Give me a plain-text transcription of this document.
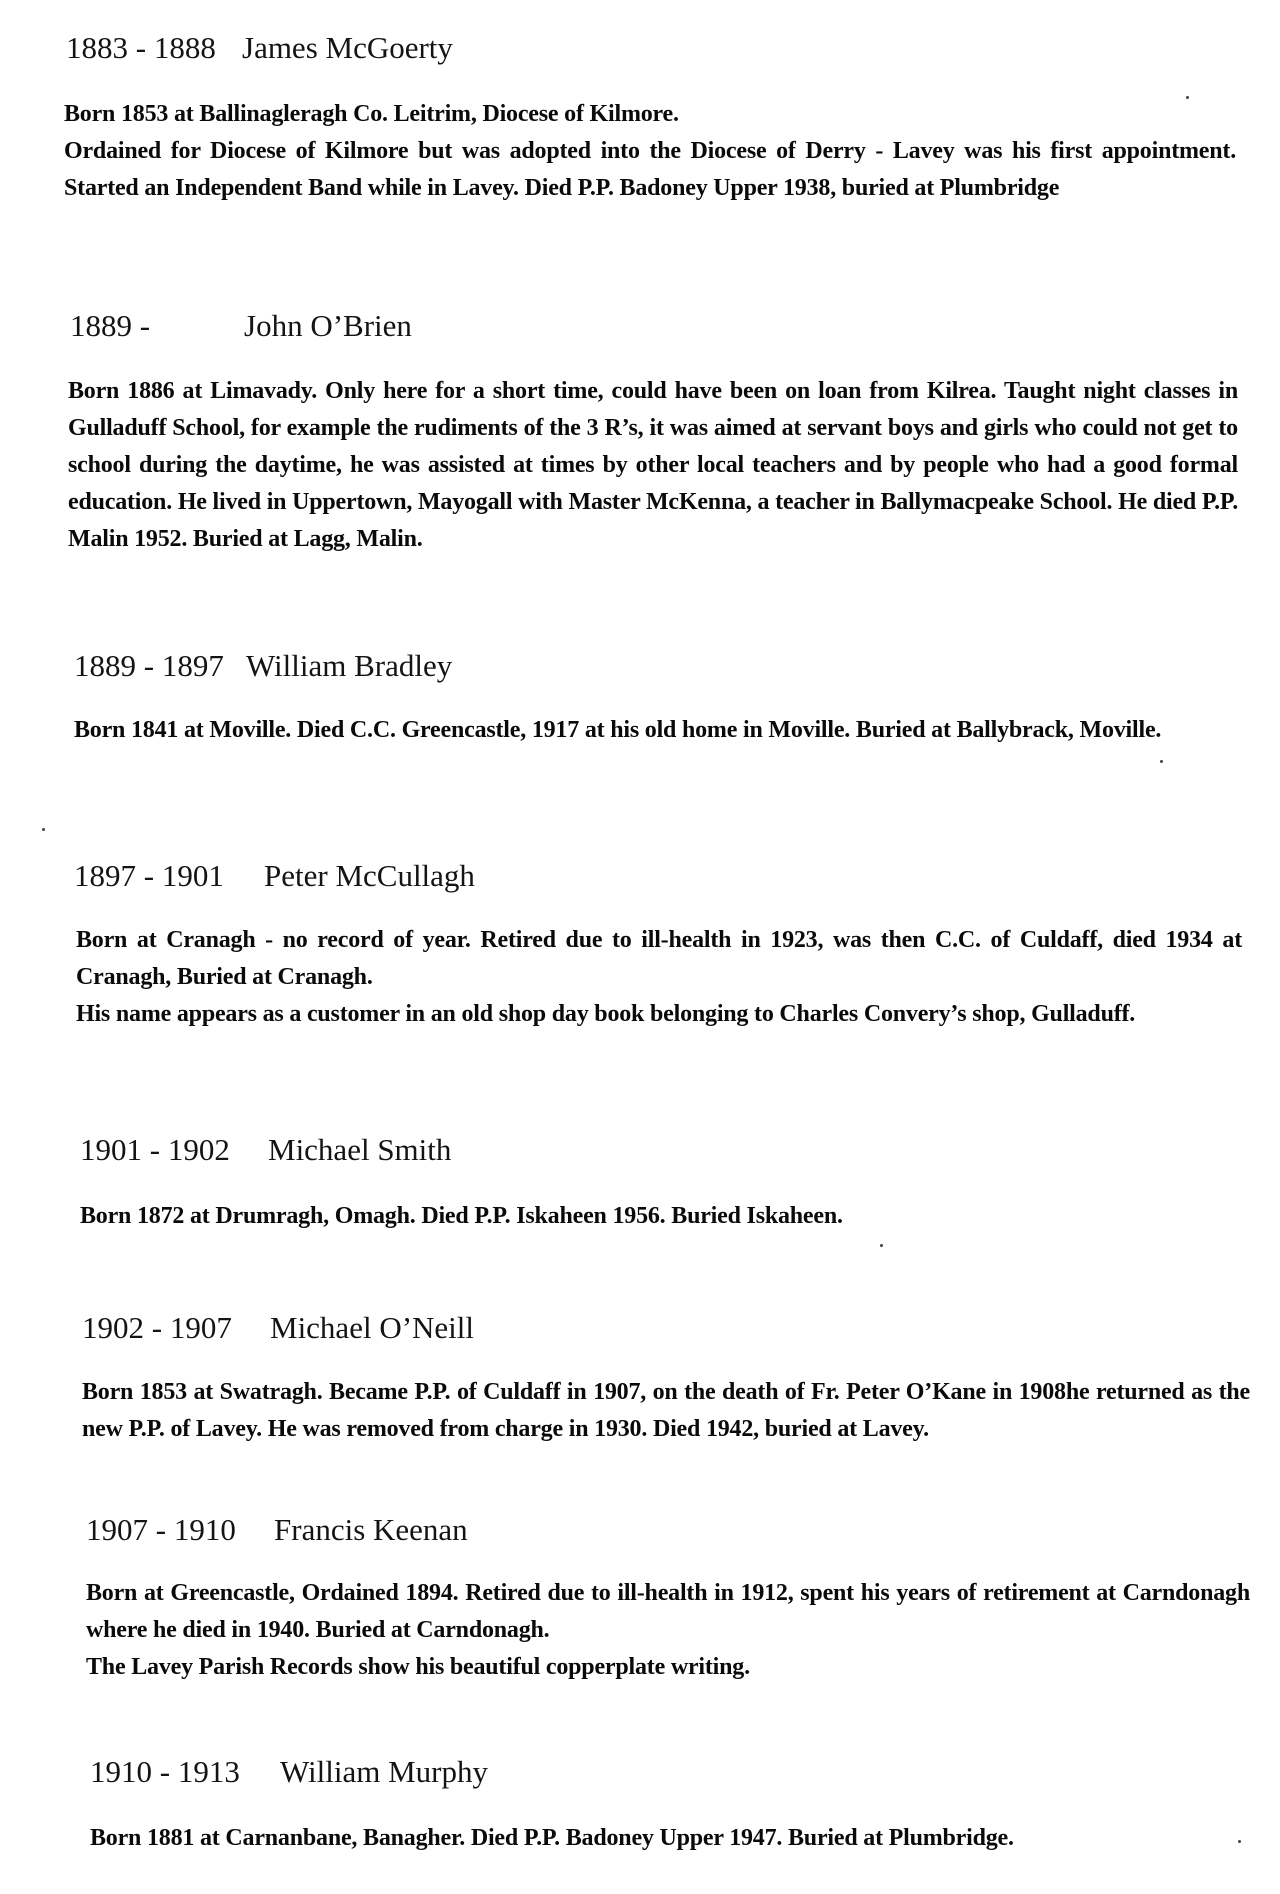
1883 - 1888 James McGoerty

Born 1853 at Ballinagleragh Co. Leitrim, Diocese of Kilmore.

Ordained for Diocese of Kilmore but was adopted into the Diocese of Derry - Lavey was his first appointment. Started an Independent Band while in Lavey. Died P.P. Badoney Upper 1938, buried at Plumbridge

1889 -	John O’Brien

Born 1886 at Limavady. Only here for a short time, could have been on loan from Kilrea. Taught night classes in Gulladuff School, for example the rudiments of the 3 R’s, it was aimed at servant boys and girls who could not get to school during the daytime, he was assisted at times by other local teachers and by people who had a good formal education. He lived in Uppertown, Mayogall with Master McKenna, a teacher in Ballymacpeake School. He died P.P. Malin 1952. Buried at Lagg, Malin.

1889 - 1897 William Bradley

Born 1841 at Moville. Died C.C. Greencastle, 1917 at his old home in Moville. Buried at Ballybrack, Moville.

1897 - 1901 Peter McCullagh

Born at Cranagh - no record of year. Retired due to ill-health in 1923, was then C.C. of Culdaff, died 1934 at Cranagh, Buried at Cranagh.

His name appears as a customer in an old shop day book belonging to Charles Convery’s shop, Gulladuff.

1901 - 1902 Michael Smith

Born 1872 at Drumragh, Omagh. Died P.P. Iskaheen 1956. Buried Iskaheen.

1902 - 1907 Michael O’Neill

Born 1853 at Swatragh. Became P.P. of Culdaff in 1907, on the death of Fr. Peter O’Kane in 1908he returned as the new P.P. of Lavey. He was removed from charge in 1930. Died 1942, buried at Lavey.

1907 - 1910 Francis Keenan

Born at Greencastle, Ordained 1894. Retired due to ill-health in 1912, spent his years of retirement at Carndonagh where he died in 1940. Buried at Carndonagh.

The Lavey Parish Records show his beautiful copperplate writing.

1910 - 1913 William Murphy

Born 1881 at Carnanbane, Banagher. Died P.P. Badoney Upper 1947. Buried at Plumbridge.
